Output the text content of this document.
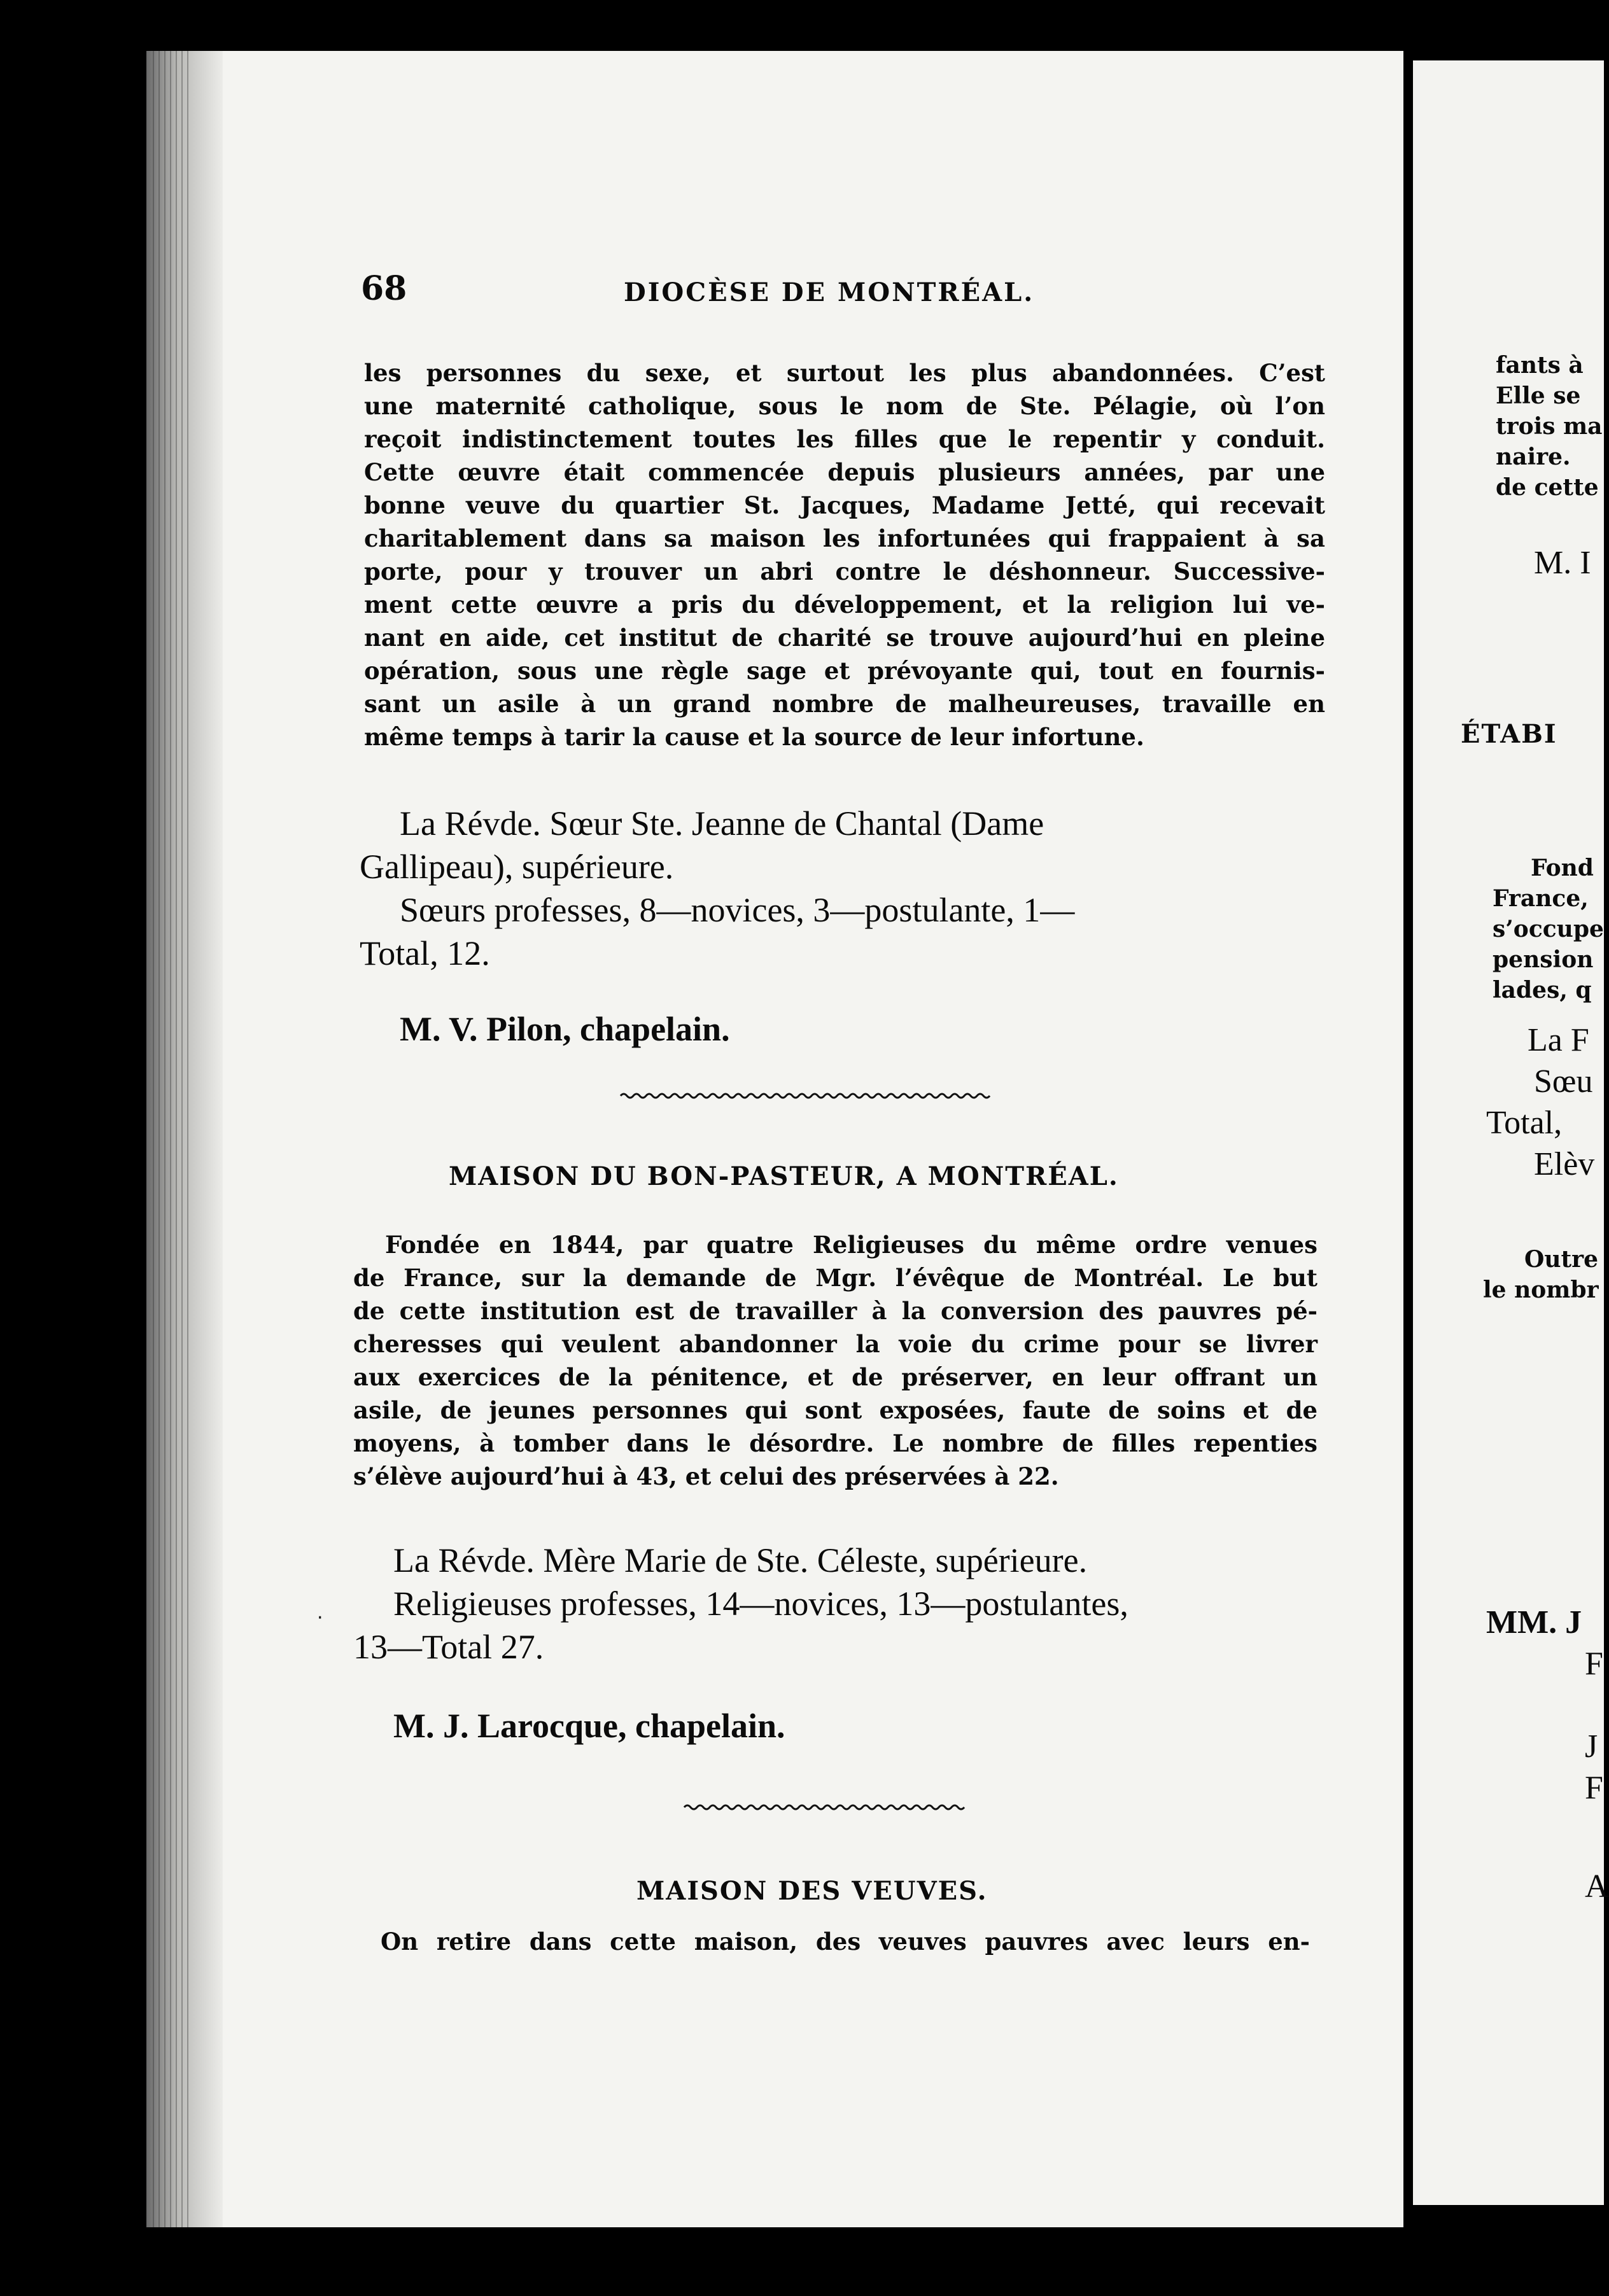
68	DIOCÈSE DE MONTRÉAL.
les personnes du sexe, et surtout les plus abandonnées. C’est
une maternité catholique, sous le nom de Ste. Pélagie, où l’on
reçoit indistinctement toutes les filles que le repentir y conduit.
Cette œuvre était commencée depuis plusieurs années, par une
bonne veuve du quartier St. Jacques, Madame Jetté, qui recevait
charitablement dans sa maison les infortunées qui frappaient à sa
porte, pour y trouver un abri contre le déshonneur. Successive-
ment cette œuvre a pris du développement, et la religion lui ve-
nant en aide, cet institut de charité se trouve aujourd’hui en pleine
opération, sous une règle sage et prévoyante qui, tout en fournis-
sant un asile à un grand nombre de malheureuses, travaille en
même temps à tarir la cause et la source de leur infortune.
La Révde. Sœur Ste. Jeanne de Chantal (Dame
Gallipeau), supérieure.
Sœurs professes, 8—novices, 3—postulante, 1—
Total, 12.
M. V. Pilon, chapelain.
MAISON DU BON-PASTEUR, A MONTRÉAL.
Fondée en 1844, par quatre Religieuses du même ordre venues
de France, sur la demande de Mgr. l’évêque de Montréal. Le but
de cette institution est de travailler à la conversion des pauvres pé-
cheresses qui veulent abandonner la voie du crime pour se livrer
aux exercices de la pénitence, et de préserver, en leur offrant un
asile, de jeunes personnes qui sont exposées, faute de soins et de
moyens, à tomber dans le désordre. Le nombre de filles repenties
s’élève aujourd’hui à 43, et celui des préservées à 22.
La Révde. Mère Marie de Ste. Céleste, supérieure.
Religieuses professes, 14—novices, 13—postulantes,
13—Total 27.
M. J. Larocque, chapelain.
MAISON DES VEUVES.
On retire dans cette maison, des veuves pauvres avec leurs en-
·
fants à
Elle se
trois ma
naire.
de cette
M. I
ÉTABI
Fond
France,
s’occupe
pension
lades, q
La F
Sœu
Total,
Elèv
Outre
le nombr
MM. J
F
J
F
A
